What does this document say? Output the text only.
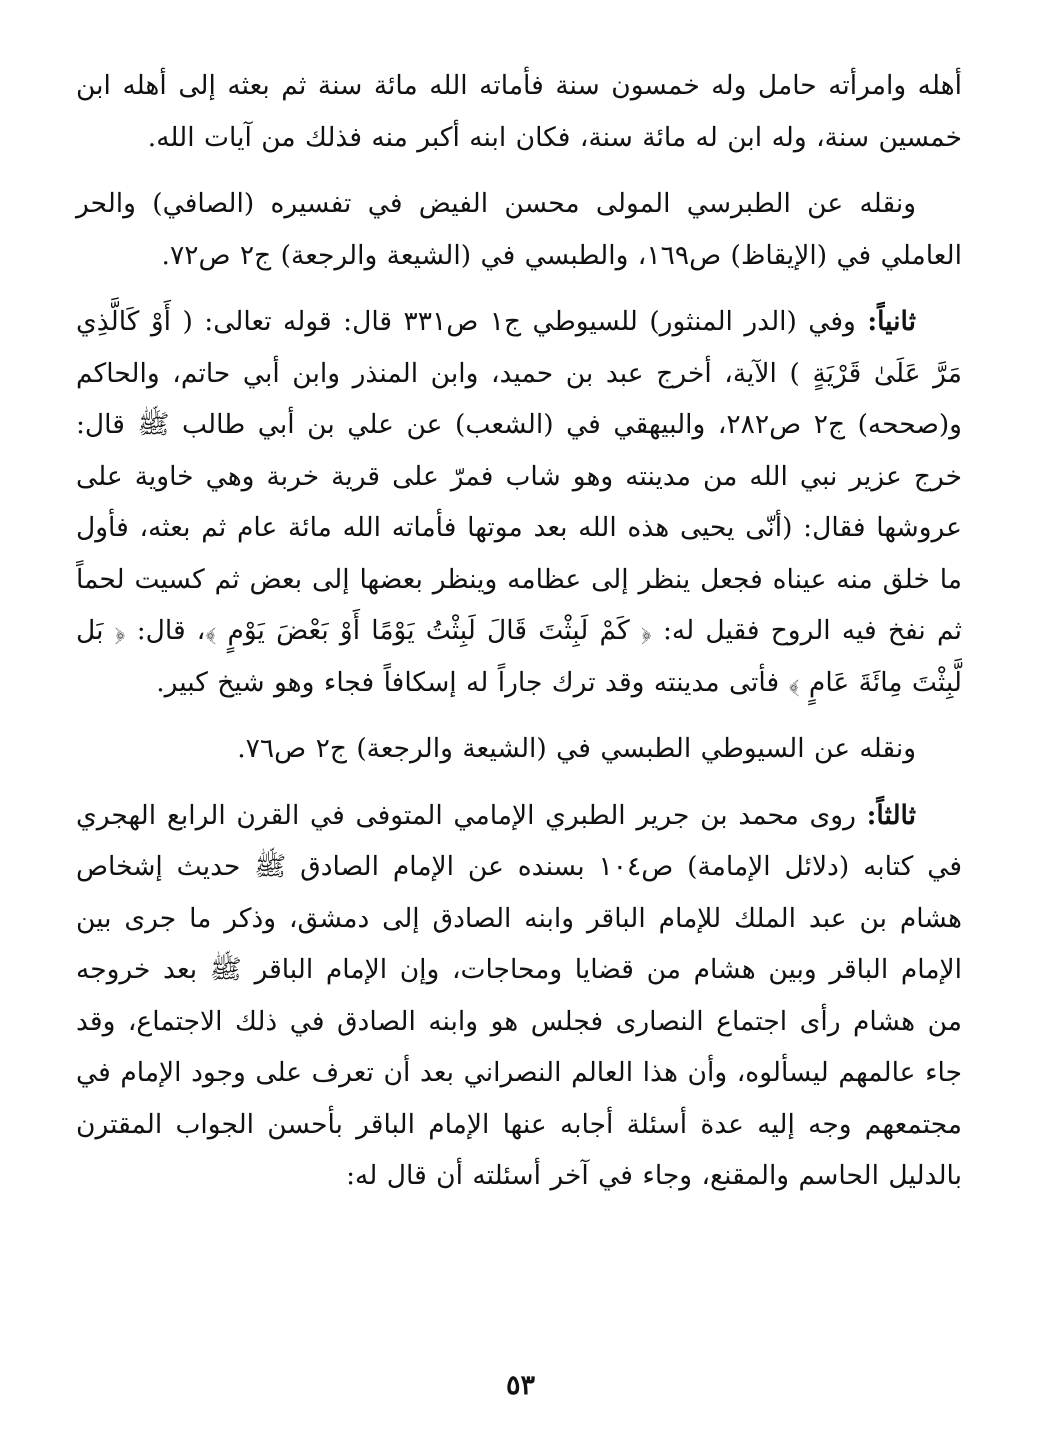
أهله وامرأته حامل وله خمسون سنة فأماته الله مائة سنة ثم بعثه إلى أهله ابن خمسين سنة، وله ابن له مائة سنة، فكان ابنه أكبر منه فذلك من آيات الله.

ونقله عن الطبرسي المولى محسن الفيض في تفسيره (الصافي) والحر العاملي في (الإيقاظ) ص١٦٩، والطبسي في (الشيعة والرجعة) ج٢ ص٧٢.

ثانياً: وفي (الدر المنثور) للسيوطي ج١ ص٣٣١ قال: قوله تعالى: ( أَوْ كَالَّذِي مَرَّ عَلَىٰ قَرْيَةٍ ) الآية، أخرج عبد بن حميد، وابن المنذر وابن أبي حاتم، والحاكم و(صححه) ج٢ ص٢٨٢، والبيهقي في (الشعب) عن علي بن أبي طالب ﷺ قال: خرج عزير نبي الله من مدينته وهو شاب فمرّ على قرية خربة وهي خاوية على عروشها فقال: (أنّى يحيى هذه الله بعد موتها فأماته الله مائة عام ثم بعثه، فأول ما خلق منه عيناه فجعل ينظر إلى عظامه وينظر بعضها إلى بعض ثم كسيت لحماً ثم نفخ فيه الروح فقيل له: ﴿ كَمْ لَبِثْتَ قَالَ لَبِثْتُ يَوْمًا أَوْ بَعْضَ يَوْمٍ ﴾، قال: ﴿ بَل لَّبِثْتَ مِائَةَ عَامٍ ﴾ فأتى مدينته وقد ترك جاراً له إسكافاً فجاء وهو شيخ كبير.

ونقله عن السيوطي الطبسي في (الشيعة والرجعة) ج٢ ص٧٦.

ثالثاً: روى محمد بن جرير الطبري الإمامي المتوفى في القرن الرابع الهجري في كتابه (دلائل الإمامة) ص١٠٤ بسنده عن الإمام الصادق ﷺ حديث إشخاص هشام بن عبد الملك للإمام الباقر وابنه الصادق إلى دمشق، وذكر ما جرى بين الإمام الباقر وبين هشام من قضايا ومحاجات، وإن الإمام الباقر ﷺ بعد خروجه من هشام رأى اجتماع النصارى فجلس هو وابنه الصادق في ذلك الاجتماع، وقد جاء عالمهم ليسألوه، وأن هذا العالم النصراني بعد أن تعرف على وجود الإمام في مجتمعهم وجه إليه عدة أسئلة أجابه عنها الإمام الباقر بأحسن الجواب المقترن بالدليل الحاسم والمقنع، وجاء في آخر أسئلته أن قال له:

٥٣
